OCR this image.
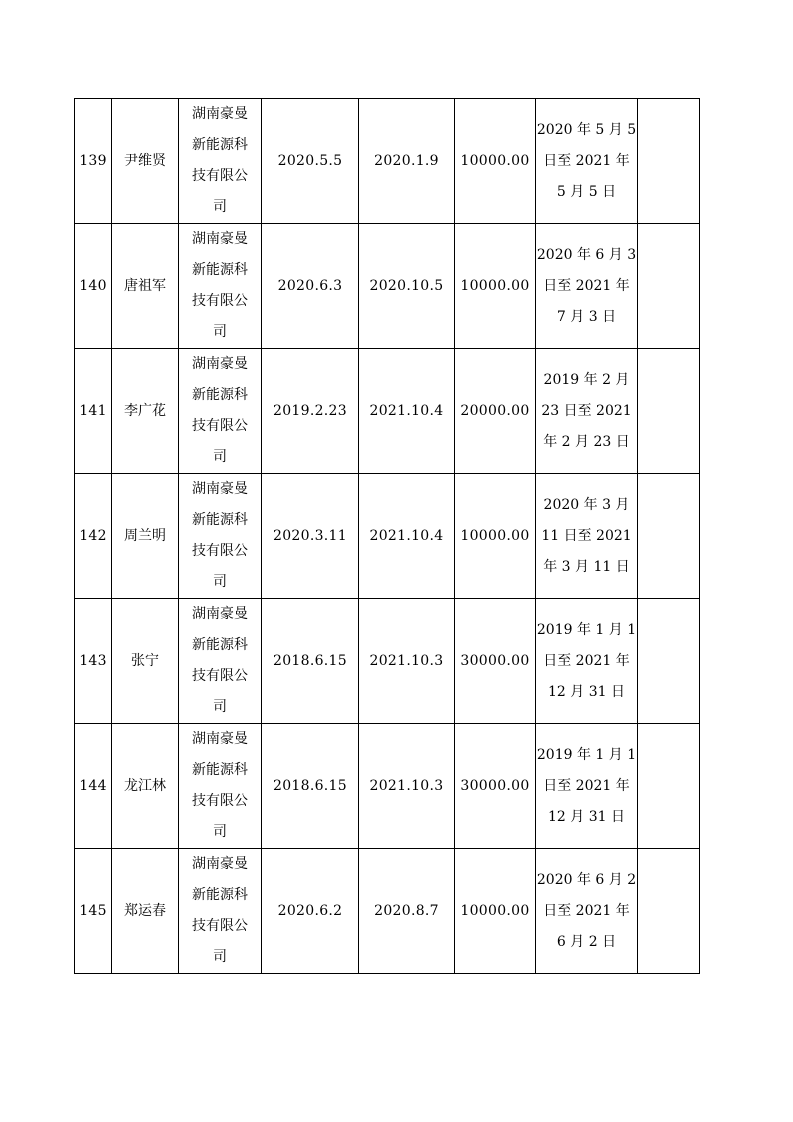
139	尹维贤	湖南豪曼
新能源科
技有限公
司	2020.5.5	2020.1.9	10000.00	2020 年 5 月 5
日至 2021 年
5 月 5 日	

140	唐祖军	湖南豪曼
新能源科
技有限公
司	2020.6.3	2020.10.5	10000.00	2020 年 6 月 3
日至 2021 年
7 月 3 日	

141	李广花	湖南豪曼
新能源科
技有限公
司	2019.2.23	2021.10.4	20000.00	2019 年 2 月
23 日至 2021
年 2 月 23 日	

142	周兰明	湖南豪曼
新能源科
技有限公
司	2020.3.11	2021.10.4	10000.00	2020 年 3 月
11 日至 2021
年 3 月 11 日	

143	张宁	湖南豪曼
新能源科
技有限公
司	2018.6.15	2021.10.3	30000.00	2019 年 1 月 1
日至 2021 年
12 月 31 日	

144	龙江林	湖南豪曼
新能源科
技有限公
司	2018.6.15	2021.10.3	30000.00	2019 年 1 月 1
日至 2021 年
12 月 31 日	

145	郑运春	湖南豪曼
新能源科
技有限公
司	2020.6.2	2020.8.7	10000.00	2020 年 6 月 2
日至 2021 年
6 月 2 日	
